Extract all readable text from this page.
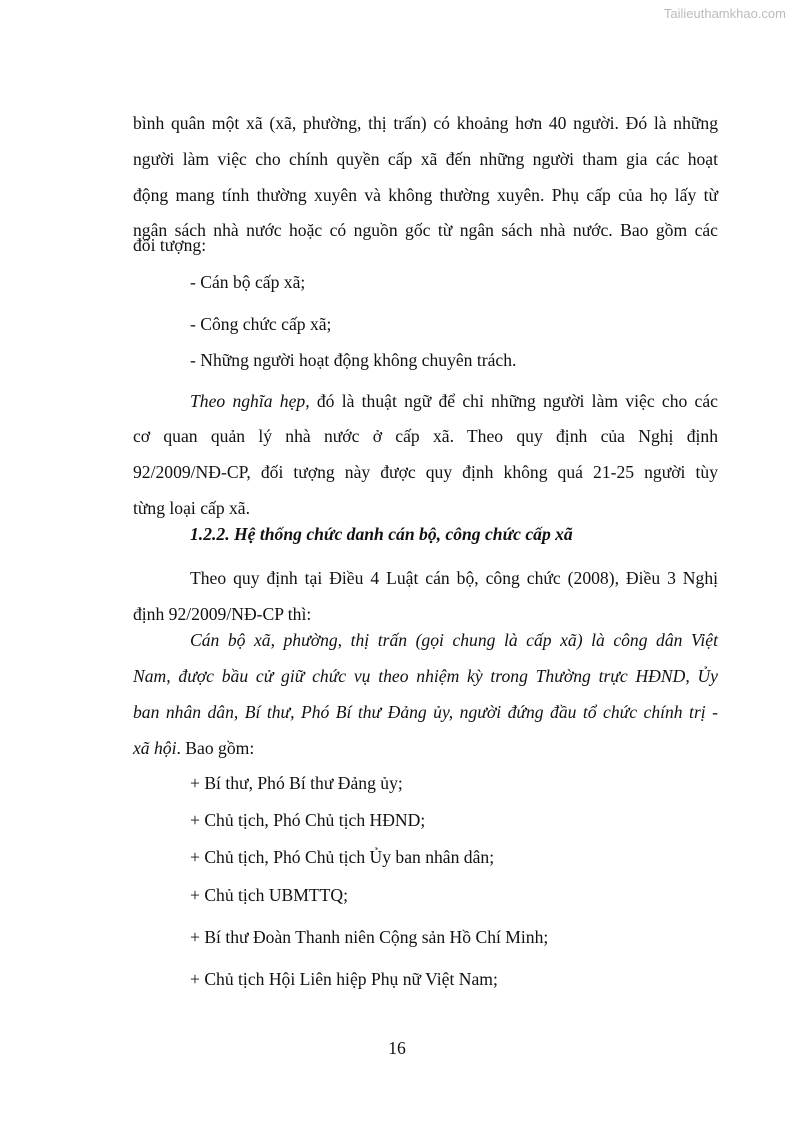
Tailieuthamkhao.com
bình quân một xã (xã, phường, thị trấn) có khoảng hơn 40 người. Đó là những
người làm việc cho chính quyền cấp xã đến những người tham gia các hoạt
động mang tính thường xuyên và không thường xuyên. Phụ cấp của họ lấy từ
ngân sách nhà nước hoặc có nguồn gốc từ ngân sách nhà nước. Bao gồm các
đối tượng:
- Cán bộ cấp xã;
- Công chức cấp xã;
- Những người hoạt động không chuyên trách.
Theo nghĩa hẹp, đó là thuật ngữ để chỉ những người làm việc cho các
cơ quan quản lý nhà nước ở cấp xã. Theo quy định của Nghị định
92/2009/NĐ-CP, đối tượng này được quy định không quá 21-25 người tùy
từng loại cấp xã.
1.2.2. Hệ thống chức danh cán bộ, công chức cấp xã
Theo quy định tại Điều 4 Luật cán bộ, công chức (2008), Điều 3 Nghị
định 92/2009/NĐ-CP thì:
Cán bộ xã, phường, thị trấn (gọi chung là cấp xã) là công dân Việt
Nam, được bầu cử giữ chức vụ theo nhiệm kỳ trong Thường trực HĐND, Ủy
ban nhân dân, Bí thư, Phó Bí thư Đảng ủy, người đứng đầu tổ chức chính trị -
xã hội. Bao gồm:
+ Bí thư, Phó Bí thư Đảng ủy;
+ Chủ tịch, Phó Chủ tịch HĐND;
+ Chủ tịch, Phó Chủ tịch Ủy ban nhân dân;
+ Chủ tịch UBMTTQ;
+ Bí thư Đoàn Thanh niên Cộng sản Hồ Chí Minh;
+ Chủ tịch Hội Liên hiệp Phụ nữ Việt Nam;
16
